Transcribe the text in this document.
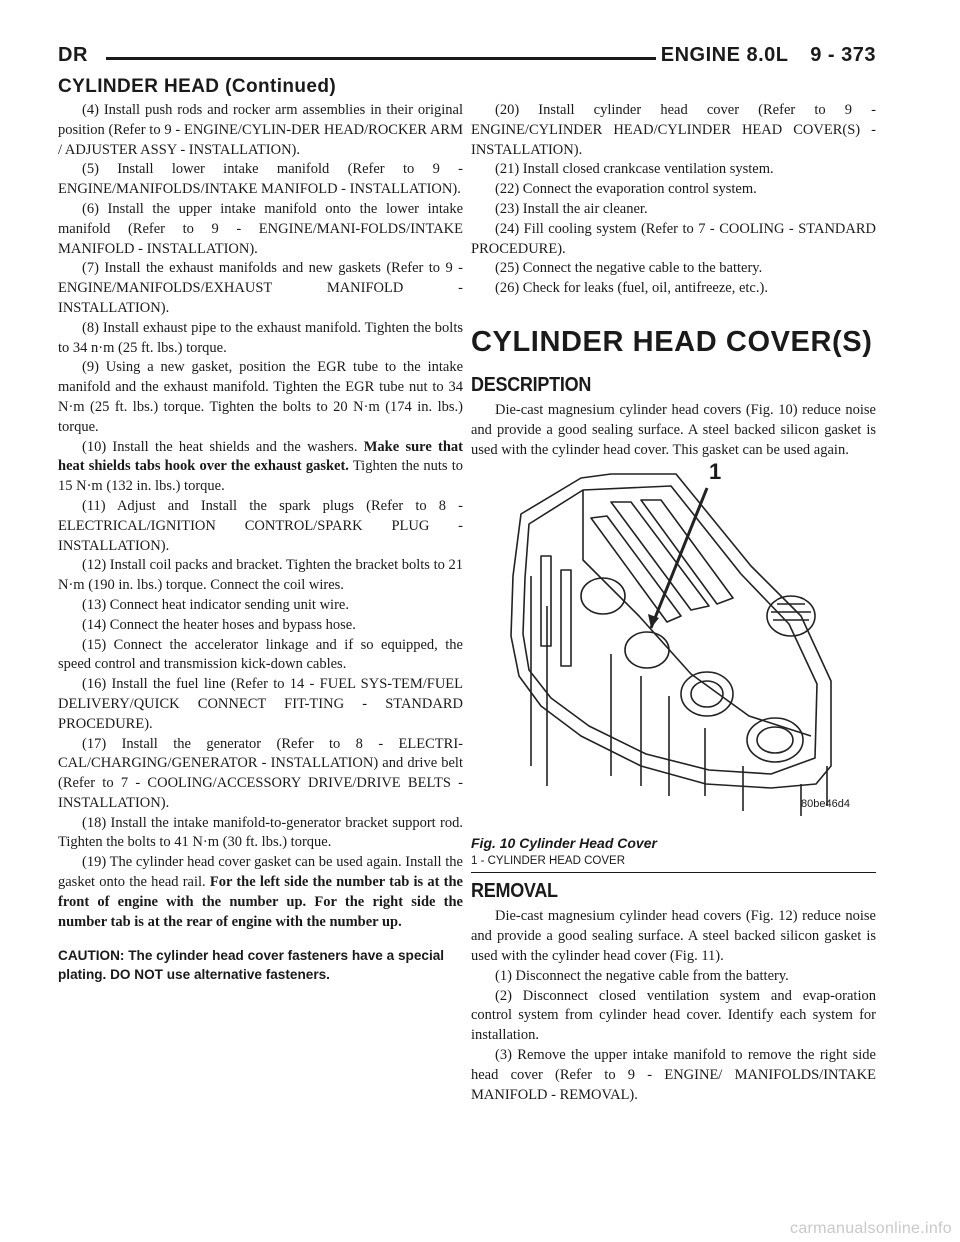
DR	ENGINE 8.0L 9 - 373
CYLINDER HEAD (Continued)

(4) Install push rods and rocker arm assemblies in their original position (Refer to 9 - ENGINE/CYLIN-DER HEAD/ROCKER ARM / ADJUSTER ASSY - INSTALLATION).

(5) Install lower intake manifold (Refer to 9 - ENGINE/MANIFOLDS/INTAKE MANIFOLD - INSTALLATION).

(6) Install the upper intake manifold onto the lower intake manifold (Refer to 9 - ENGINE/MANI-FOLDS/INTAKE MANIFOLD - INSTALLATION).

(7) Install the exhaust manifolds and new gaskets (Refer to 9 - ENGINE/MANIFOLDS/EXHAUST MANIFOLD - INSTALLATION).

(8) Install exhaust pipe to the exhaust manifold. Tighten the bolts to 34 n·m (25 ft. lbs.) torque.

(9) Using a new gasket, position the EGR tube to the intake manifold and the exhaust manifold. Tighten the EGR tube nut to 34 N·m (25 ft. lbs.) torque. Tighten the bolts to 20 N·m (174 in. lbs.) torque.

(10) Install the heat shields and the washers. Make sure that heat shields tabs hook over the exhaust gasket. Tighten the nuts to 15 N·m (132 in. lbs.) torque.

(11) Adjust and Install the spark plugs (Refer to 8 - ELECTRICAL/IGNITION CONTROL/SPARK PLUG - INSTALLATION).

(12) Install coil packs and bracket. Tighten the bracket bolts to 21 N·m (190 in. lbs.) torque. Connect the coil wires.

(13) Connect heat indicator sending unit wire.

(14) Connect the heater hoses and bypass hose.

(15) Connect the accelerator linkage and if so equipped, the speed control and transmission kick-down cables.

(16) Install the fuel line (Refer to 14 - FUEL SYS-TEM/FUEL DELIVERY/QUICK CONNECT FIT-TING - STANDARD PROCEDURE).

(17) Install the generator (Refer to 8 - ELECTRI-CAL/CHARGING/GENERATOR - INSTALLATION) and drive belt (Refer to 7 - COOLING/ACCESSORY DRIVE/DRIVE BELTS - INSTALLATION).

(18) Install the intake manifold-to-generator bracket support rod. Tighten the bolts to 41 N·m (30 ft. lbs.) torque.

(19) The cylinder head cover gasket can be used again. Install the gasket onto the head rail. For the left side the number tab is at the front of engine with the number up. For the right side the number tab is at the rear of engine with the number up.

CAUTION: The cylinder head cover fasteners have a special plating. DO NOT use alternative fasteners.

(20) Install cylinder head cover (Refer to 9 - ENGINE/CYLINDER HEAD/CYLINDER HEAD COVER(S) - INSTALLATION).

(21) Install closed crankcase ventilation system.

(22) Connect the evaporation control system.

(23) Install the air cleaner.

(24) Fill cooling system (Refer to 7 - COOLING - STANDARD PROCEDURE).

(25) Connect the negative cable to the battery.

(26) Check for leaks (fuel, oil, antifreeze, etc.).

CYLINDER HEAD COVER(S)
DESCRIPTION

Die-cast magnesium cylinder head covers (Fig. 10) reduce noise and provide a good sealing surface. A steel backed silicon gasket is used with the cylinder head cover. This gasket can be used again.

1
80be46d4
Fig. 10 Cylinder Head Cover
1 - CYLINDER HEAD COVER
REMOVAL

Die-cast magnesium cylinder head covers (Fig. 12) reduce noise and provide a good sealing surface. A steel backed silicon gasket is used with the cylinder head cover (Fig. 11).

(1) Disconnect the negative cable from the battery.

(2) Disconnect closed ventilation system and evap-oration control system from cylinder head cover. Identify each system for installation.

(3) Remove the upper intake manifold to remove the right side head cover (Refer to 9 - ENGINE/ MANIFOLDS/INTAKE MANIFOLD - REMOVAL).

carmanualsonline.info
